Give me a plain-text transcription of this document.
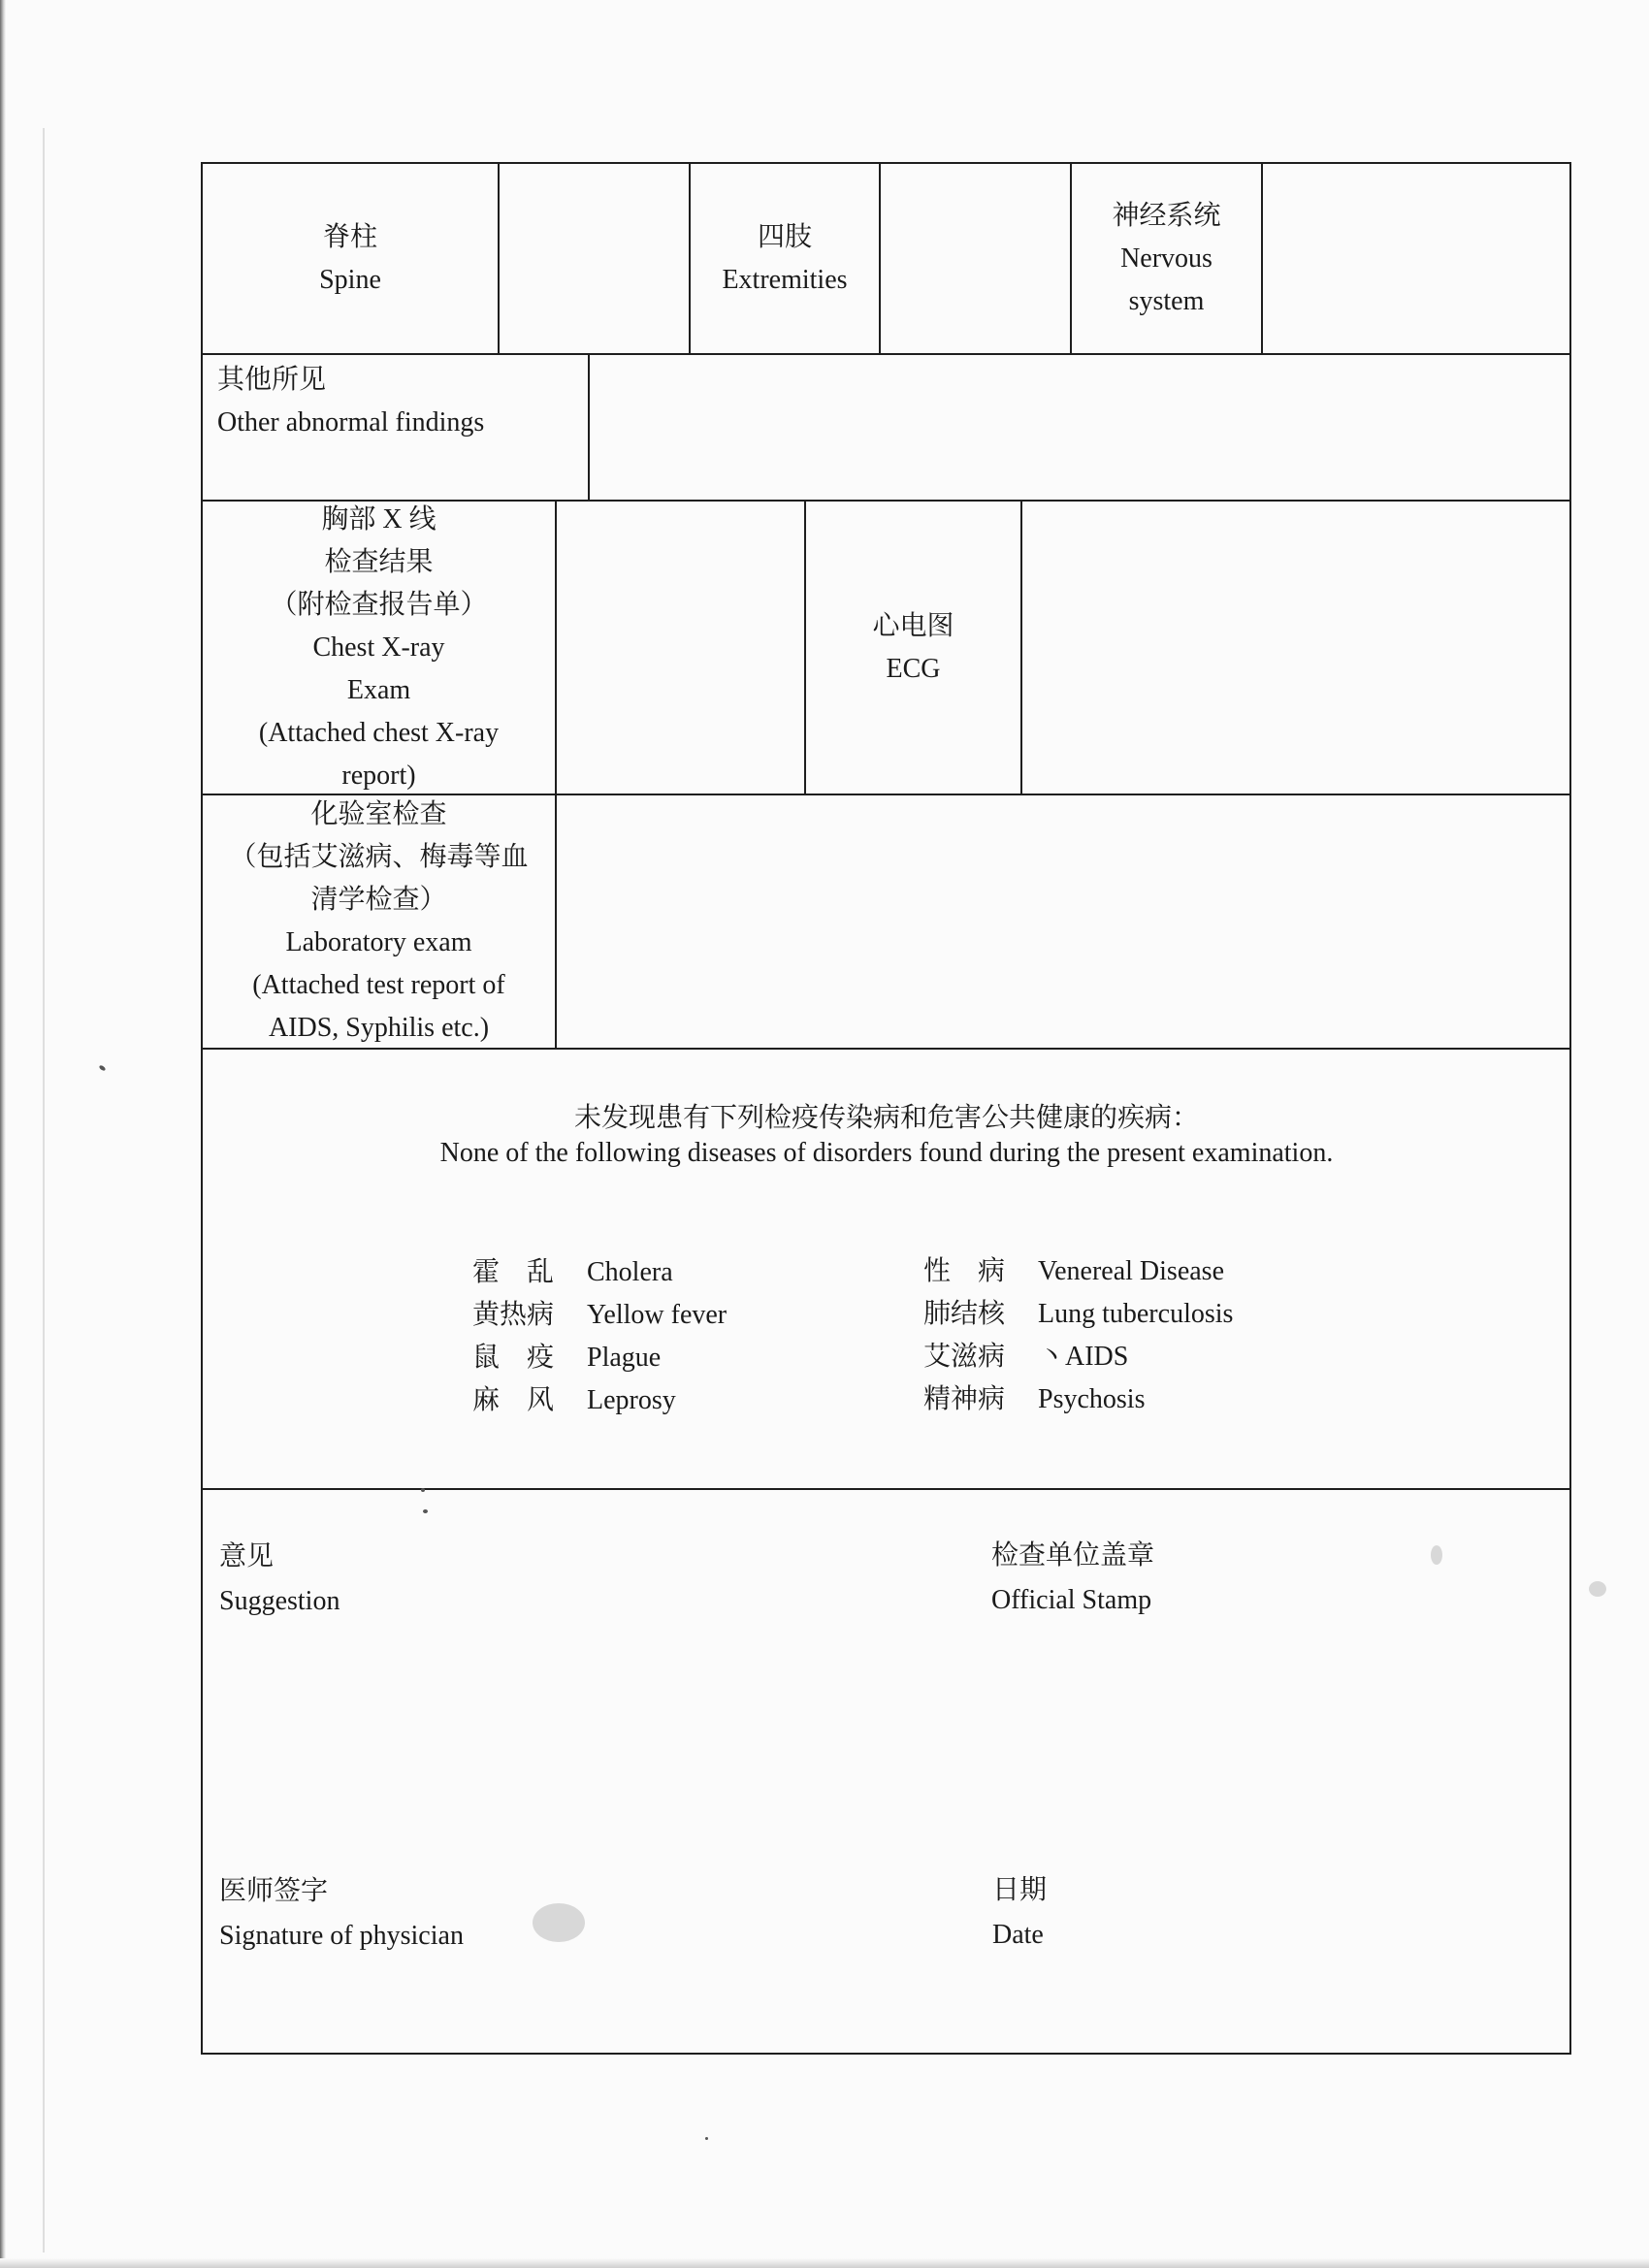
脊柱
Spine
四肢
Extremities
神经系统
Nervous
system
其他所见
Other abnormal findings
胸部 X 线
检查结果
（附检查报告单）
Chest X-ray
Exam
(Attached chest X-ray
report)
心电图
ECG
化验室检查
（包括艾滋病、梅毒等血
清学检查）
Laboratory exam
(Attached test report of
AIDS, Syphilis etc.)
未发现患有下列检疫传染病和危害公共健康的疾病：
None of the following diseases of disorders found during the present examination.
霍　乱 Cholera
黄热病 Yellow fever
鼠　疫 Plague
麻　风 Leprosy
性　病 Venereal Disease
肺结核 Lung tuberculosis
艾滋病 丶AIDS
精神病 Psychosis
意见
Suggestion
检查单位盖章
Official Stamp
医师签字
Signature of physician
日期
Date
